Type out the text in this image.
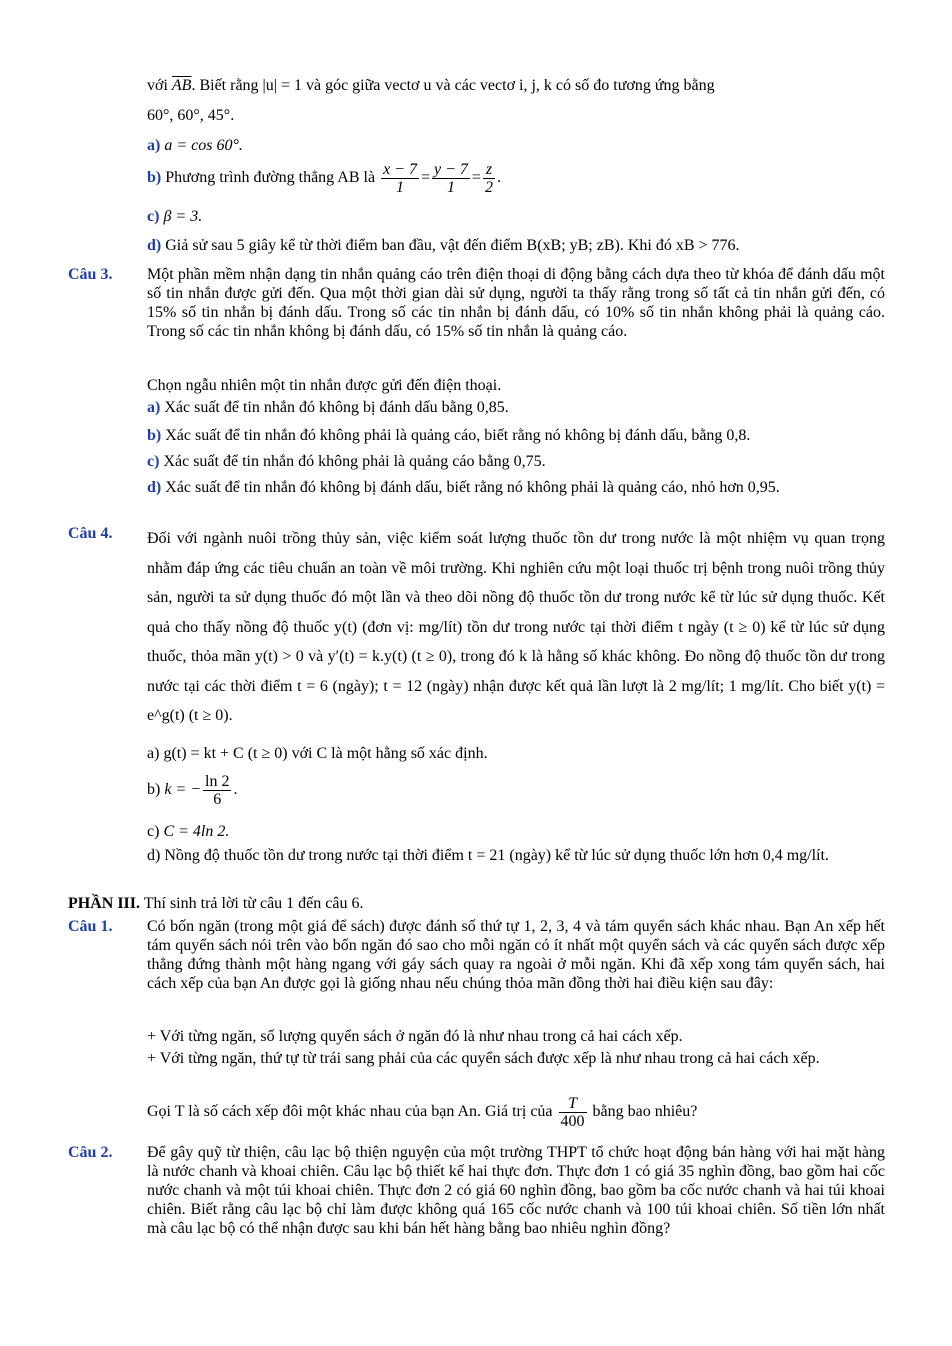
với $\overline{AB}$. Biết rằng |u| = 1 và góc giữa vectơ u và các vectơ i, j, k có số đo tương ứng bằng
60°, 60°, 45°.
a) a = cos 60°.
b) Phương trình đường thẳng AB là $\frac{x - 7}{1} = \frac{y - 7}{1} = \frac{z}{2}$ .
c) β = 3.
d) Giả sử sau 5 giây kể từ thời điểm ban đầu, vật đến điểm B(xB; yB; zB). Khi đó xB > 776.
Câu 3. Một phần mềm nhận dạng tin nhắn quảng cáo trên điện thoại di động bằng cách dựa theo từ khóa để đánh dấu một số tin nhắn được gửi đến. Qua một thời gian dài sử dụng, người ta thấy rằng trong số tất cả tin nhắn gửi đến, có 15% số tin nhắn bị đánh dấu. Trong số các tin nhắn bị đánh dấu, có 10% số tin nhắn không phải là quảng cáo. Trong số các tin nhắn không bị đánh dấu, có 15% số tin nhắn là quảng cáo.
Chọn ngẫu nhiên một tin nhắn được gửi đến điện thoại.
a) Xác suất để tin nhắn đó không bị đánh dấu bằng 0,85.
b) Xác suất để tin nhắn đó không phải là quảng cáo, biết rằng nó không bị đánh dấu, bằng 0,8.
c) Xác suất để tin nhắn đó không phải là quảng cáo bằng 0,75.
d) Xác suất để tin nhắn đó không bị đánh dấu, biết rằng nó không phải là quảng cáo, nhỏ hơn 0,95.
Câu 4. Đối với ngành nuôi trồng thủy sản, việc kiểm soát lượng thuốc tồn dư trong nước là một nhiệm vụ quan trọng nhằm đáp ứng các tiêu chuẩn an toàn về môi trường. Khi nghiên cứu một loại thuốc trị bệnh trong nuôi trồng thủy sản, người ta sử dụng thuốc đó một lần và theo dõi nồng độ thuốc tồn dư trong nước kể từ lúc sử dụng thuốc. Kết quả cho thấy nồng độ thuốc y(t) (đơn vị: mg/lít) tồn dư trong nước tại thời điểm t ngày (t ≥ 0) kể từ lúc sử dụng thuốc, thỏa mãn y(t) > 0 và y′(t) = k.y(t) (t ≥ 0), trong đó k là hằng số khác không. Đo nồng độ thuốc tồn dư trong nước tại các thời điểm t = 6 (ngày); t = 12 (ngày) nhận được kết quả lần lượt là 2 mg/lít; 1 mg/lít. Cho biết y(t) = e^g(t) (t ≥ 0).
a) g(t) = kt + C (t ≥ 0) với C là một hằng số xác định.
b) k = − $\frac{\ln 2}{6}$ .
c) C = 4ln 2.
d) Nồng độ thuốc tồn dư trong nước tại thời điểm t = 21 (ngày) kể từ lúc sử dụng thuốc lớn hơn 0,4 mg/lít.
PHẦN III. Thí sinh trả lời từ câu 1 đến câu 6.
Câu 1. Có bốn ngăn (trong một giá để sách) được đánh số thứ tự 1, 2, 3, 4 và tám quyển sách khác nhau. Bạn An xếp hết tám quyển sách nói trên vào bốn ngăn đó sao cho mỗi ngăn có ít nhất một quyển sách và các quyển sách được xếp thẳng đứng thành một hàng ngang với gáy sách quay ra ngoài ở mỗi ngăn. Khi đã xếp xong tám quyển sách, hai cách xếp của bạn An được gọi là giống nhau nếu chúng thỏa mãn đồng thời hai điều kiện sau đây:
+ Với từng ngăn, số lượng quyển sách ở ngăn đó là như nhau trong cả hai cách xếp.
+ Với từng ngăn, thứ tự từ trái sang phải của các quyển sách được xếp là như nhau trong cả hai cách xếp.
Gọi T là số cách xếp đôi một khác nhau của bạn An. Giá trị của $\frac{T}{400}$ bằng bao nhiêu?
Câu 2. Để gây quỹ từ thiện, câu lạc bộ thiện nguyện của một trường THPT tổ chức hoạt động bán hàng với hai mặt hàng là nước chanh và khoai chiên. Câu lạc bộ thiết kế hai thực đơn. Thực đơn 1 có giá 35 nghìn đồng, bao gồm hai cốc nước chanh và một túi khoai chiên. Thực đơn 2 có giá 60 nghìn đồng, bao gồm ba cốc nước chanh và hai túi khoai chiên. Biết rằng câu lạc bộ chỉ làm được không quá 165 cốc nước chanh và 100 túi khoai chiên. Số tiền lớn nhất mà câu lạc bộ có thể nhận được sau khi bán hết hàng bằng bao nhiêu nghìn đồng?
